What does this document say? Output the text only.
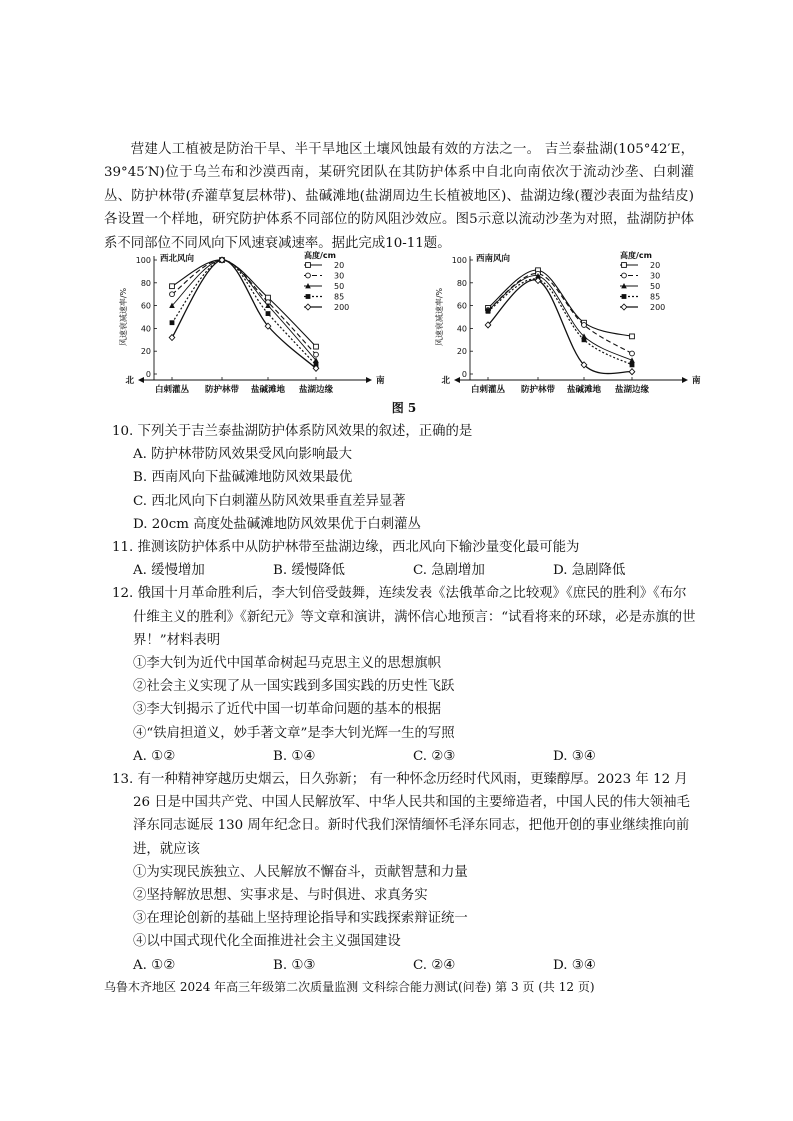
营建人工植被是防治干旱、半干旱地区土壤风蚀最有效的方法之一。 吉兰泰盐湖(105°42′E，39°45′N)位于乌兰布和沙漠西南，某研究团队在其防护体系中自北向南依次于流动沙垄、白刺灌丛、防护林带(乔灌草复层林带)、盐碱滩地(盐湖周边生长植被地区)、盐湖边缘(覆沙表面为盐结皮)各设置一个样地，研究防护体系不同部位的防风阻沙效应。图5示意以流动沙垄为对照，盐湖防护体系不同部位不同风向下风速衰减速率。据此完成10-11题。

0
20
40
60
80
100
风速衰减速率/%
西北风向
白刺灌丛 防护林带 盐碱滩地 盐湖边缘
北	南
高度/cm
20
30
50
85
200
0
20
40
60
80
100
风速衰减速率/%
西南风向
白刺灌丛 防护林带 盐碱滩地 盐湖边缘
北	南
高度/cm
20
30
50
85
200
图 5

10. 下列关于吉兰泰盐湖防护体系防风效果的叙述，正确的是

A. 防护林带防风效果受风向影响最大

B. 西南风向下盐碱滩地防风效果最优

C. 西北风向下白刺灌丛防风效果垂直差异显著

D. 20cm 高度处盐碱滩地防风效果优于白刺灌丛

11. 推测该防护体系中从防护林带至盐湖边缘，西北风向下输沙量变化最可能为

A. 缓慢增加	B. 缓慢降低	C. 急剧增加	D. 急剧降低

12. 俄国十月革命胜利后，李大钊倍受鼓舞，连续发表《法俄革命之比较观》《庶民的胜利》《布尔什维主义的胜利》《新纪元》等文章和演讲，满怀信心地预言：“试看将来的环球，必是赤旗的世界！”材料表明

①李大钊为近代中国革命树起马克思主义的思想旗帜

②社会主义实现了从一国实践到多国实践的历史性飞跃

③李大钊揭示了近代中国一切革命问题的基本的根据

④“铁肩担道义，妙手著文章”是李大钊光辉一生的写照

A. ①②	B. ①④	C. ②③	D. ③④

13. 有一种精神穿越历史烟云，日久弥新； 有一种怀念历经时代风雨，更臻醇厚。2023 年 12 月 26 日是中国共产党、中国人民解放军、中华人民共和国的主要缔造者，中国人民的伟大领袖毛泽东同志诞辰 130 周年纪念日。新时代我们深情缅怀毛泽东同志，把他开创的事业继续推向前进，就应该

①为实现民族独立、人民解放不懈奋斗，贡献智慧和力量

②坚持解放思想、实事求是、与时俱进、求真务实

③在理论创新的基础上坚持理论指导和实践探索辩证统一

④以中国式现代化全面推进社会主义强国建设

A. ①②	B. ①③	C. ②④	D. ③④
乌鲁木齐地区 2024 年高三年级第二次质量监测 文科综合能力测试(问卷) 第 3 页 (共 12 页)
